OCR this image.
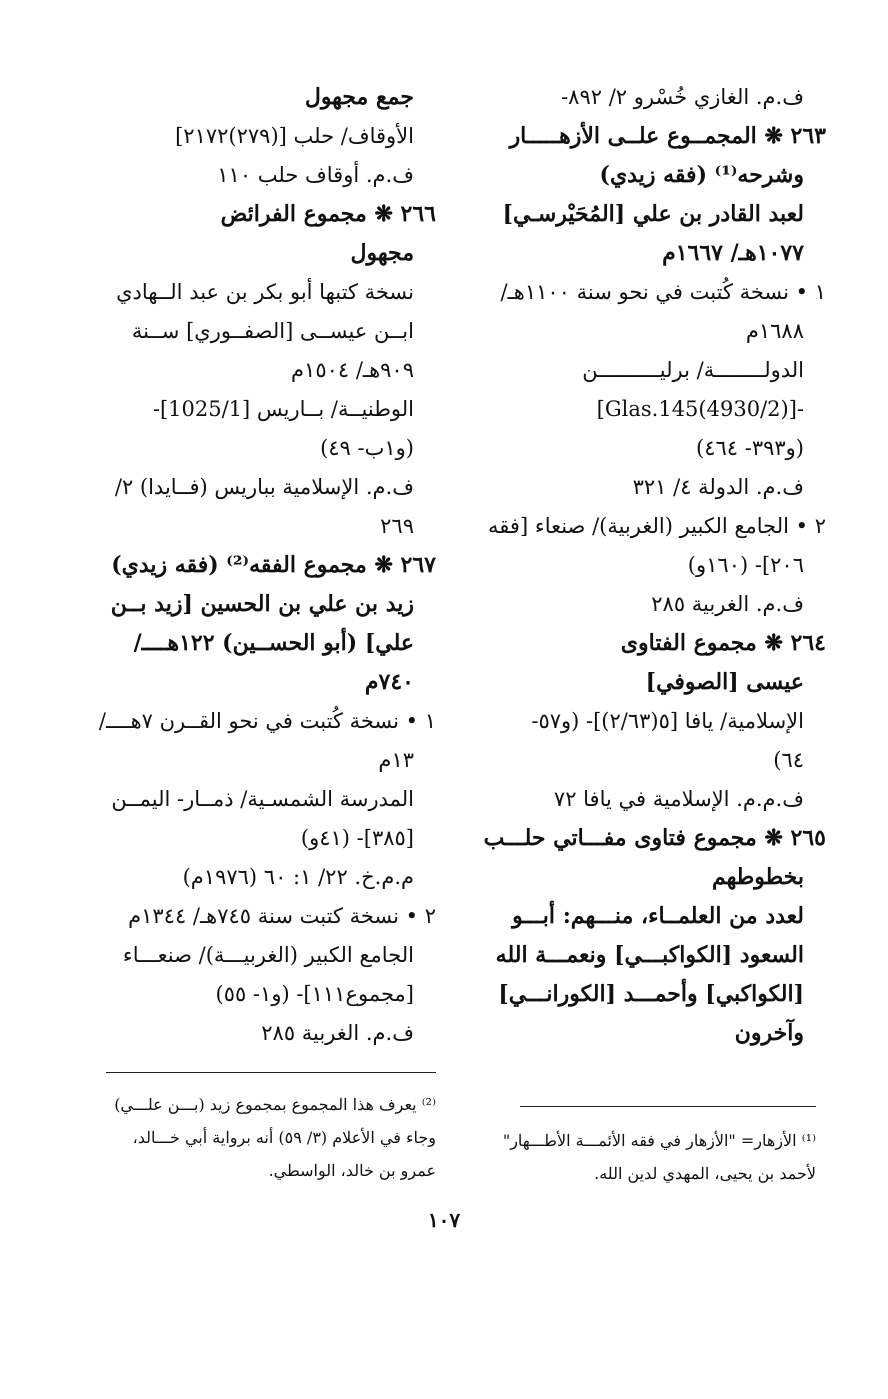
ف.م. الغازي خُسْرو ٢/ ٨٩٢-
٢٦٣ ❋ المجمــوع علــى الأزهـــــار
وشرحه⁽¹⁾ (فقه زيدي)
لعبد القادر بن علي [المُحَيْرسـي]
١٠٧٧هـ/ ١٦٦٧م
١ • نسخة كُتبت في نحو سنة ١١٠٠هـ/
١٦٨٨م
الدولــــــــة/ برليــــــــــن
-[(4930/2)Glas.145]
(و٣٩٣- ٤٦٤)
ف.م. الدولة ٤/ ٣٢١
٢ • الجامع الكبير (الغربية)/ صنعاء [فقه
٢٠٦]- (١٦٠و)
ف.م. الغربية ٢٨٥
٢٦٤ ❋ مجموع الفتاوى
عيسى [الصوفي]
الإسلامية/ يافا [٥(٢/٦٣)]- (و٥٧-
٦٤)
ف.م.م. الإسلامية في يافا ٧٢
٢٦٥ ❋ مجموع فتاوى مفـــاتي حلـــب
بخطوطهم
لعدد من العلمــاء، منـــهم: أبـــو
السعود [الكواكبـــي] ونعمـــة الله
[الكواكبي] وأحمـــد [الكورانـــي]
وآخرون
جمع مجهول
الأوقاف/ حلب [(٢٧٩)٢١٧٢]
ف.م. أوقاف حلب ١١٠
٢٦٦ ❋ مجموع الفرائض
مجهول
نسخة كتبها أبو بكر بن عبد الــهادي
ابــن عيســى [الصفــوري] ســنة
٩٠٩هـ/ ١٥٠٤م
الوطنيــة/ بــاريس [1025/1]-
(و١ب- ٤٩)
ف.م. الإسلامية بباريس (فــايدا) ٢/
٢٦٩
٢٦٧ ❋ مجموع الفقه⁽²⁾ (فقه زيدي)
زيد بن علي بن الحسين [زيد بــن
علي] (أبو الحســين) ١٢٢هــــ/
٧٤٠م
١ • نسخة كُتبت في نحو القــرن ٧هــــ/
١٣م
المدرسة الشمسـية/ ذمــار- اليمــن
[٣٨٥]- (٤١و)
م.م.خ. ٢٢/ ١: ٦٠ (١٩٧٦م)
٢ • نسخة كتبت سنة ٧٤٥هـ/ ١٣٤٤م
الجامع الكبير (الغربيـــة)/ صنعـــاء
[مجموع١١١]- (و١- ٥٥)
ف.م. الغربية ٢٨٥
⁽¹⁾ الأزهار= "الأزهار في فقه الأئمـــة الأطـــهار"
لأحمد بن يحيى، المهدي لدين الله.
⁽²⁾ يعرف هذا المجموع بمجموع زيد (بـــن علـــي)
وجاء في الأعلام (٣/ ٥٩) أنه برواية أبي خـــالد،
عمرو بن خالد، الواسطي.
١٠٧
